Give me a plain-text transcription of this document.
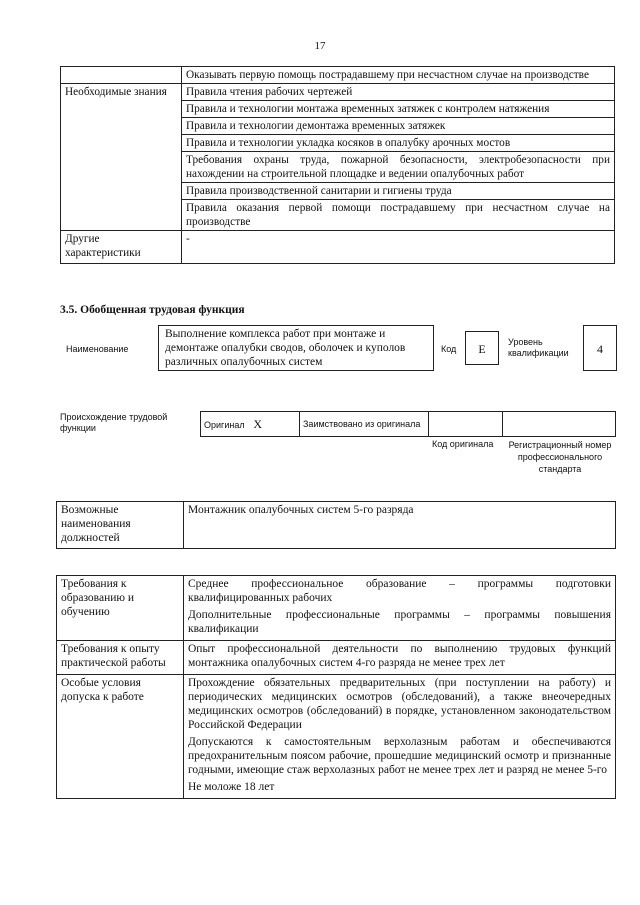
17
	Оказывать первую помощь пострадавшему при несчастном случае на производстве
Необходимые знания	Правила чтения рабочих чертежей
	Правила и технологии монтажа временных затяжек с контролем натяжения
	Правила и технологии демонтажа временных затяжек
	Правила и технологии укладка косяков в опалубку арочных мостов
	Требования охраны труда, пожарной безопасности, электробезопасности при нахождении на строительной площадке и ведении опалубочных работ
	Правила производственной санитарии и гигиены труда
	Правила оказания первой помощи пострадавшему при несчастном случае на производстве
Другие характеристики	-
3.5. Обобщенная трудовая функция
Наименование
Выполнение комплекса работ при монтаже и демонтаже опалубки сводов, оболочек и куполов различных опалубочных систем
Код	Е	Уровень квалификации	4
Происхождение трудовой функции	Оригинал X	Заимствовано из оригинала		
Код оригинала	Регистрационный номер профессионального стандарта
Возможные наименования должностей	Монтажник опалубочных систем 5-го разряда
Требования к образованию и обучению	Среднее профессиональное образование – программы подготовки квалифицированных рабочих

Дополнительные профессиональные программы – программы повышения квалификации

Требования к опыту практической работы	Опыт профессиональной деятельности по выполнению трудовых функций монтажника опалубочных систем 4-го разряда не менее трех лет

Особые условия допуска к работе	Прохождение обязательных предварительных (при поступлении на работу) и периодических медицинских осмотров (обследований), а также внеочередных медицинских осмотров (обследований) в порядке, установленном законодательством Российской Федерации

Допускаются к самостоятельным верхолазным работам и обеспечиваются предохранительным поясом рабочие, прошедшие медицинский осмотр и признанные годными, имеющие стаж верхолазных работ не менее трех лет и разряд не менее 5-го

Не моложе 18 лет
